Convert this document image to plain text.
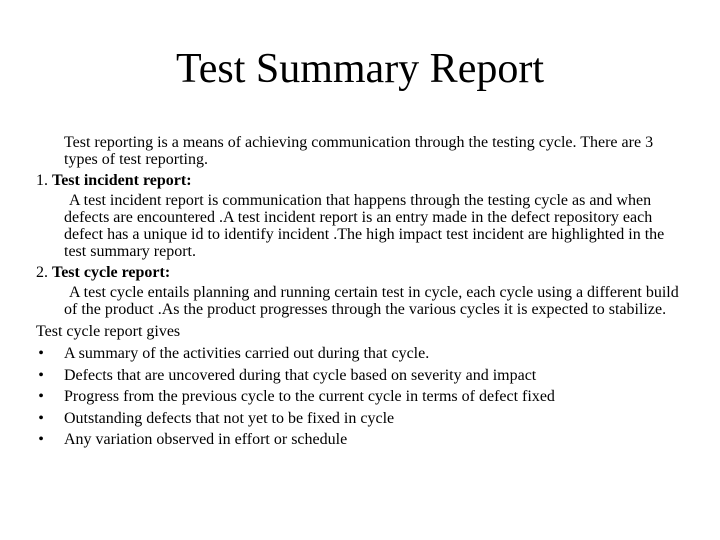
Test Summary Report

Test reporting is a means of achieving communication through the testing cycle. There are 3 types of test reporting.

1. Test incident report:

A test incident report is communication that happens through the testing cycle as and when defects are encountered .A test incident report is an entry made in the defect repository each defect has a unique id to identify incident .The high impact test incident are highlighted in the test summary report.

2. Test cycle report:

A test cycle entails planning and running certain test in cycle, each cycle using a different build of the product .As the product progresses through the various cycles it is expected to stabilize.

Test cycle report gives
• A summary of the activities carried out during that cycle.
• Defects that are uncovered during that cycle based on severity and impact
• Progress from the previous cycle to the current cycle in terms of defect fixed
• Outstanding defects that not yet to be fixed in cycle
• Any variation observed in effort or schedule
